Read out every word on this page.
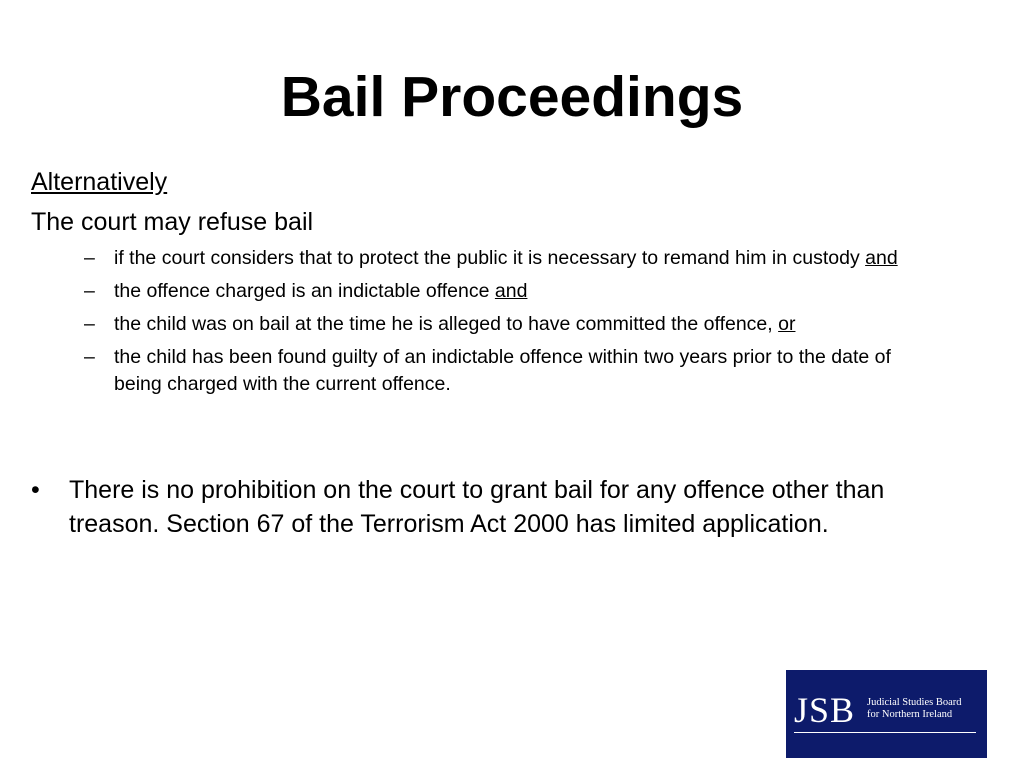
Bail Proceedings
Alternatively
The court may refuse bail
– if the court considers that to protect the public it is necessary to remand him in custody and
– the offence charged is an indictable offence and
– the child was on bail at the time he is alleged to have committed the offence, or
– the child has been found guilty of an indictable offence within two years prior to the date of being charged with the current offence.
• There is no prohibition on the court to grant bail for any offence other than treason. Section 67 of the Terrorism Act 2000 has limited application.
JSB Judicial Studies Board
for Northern Ireland
